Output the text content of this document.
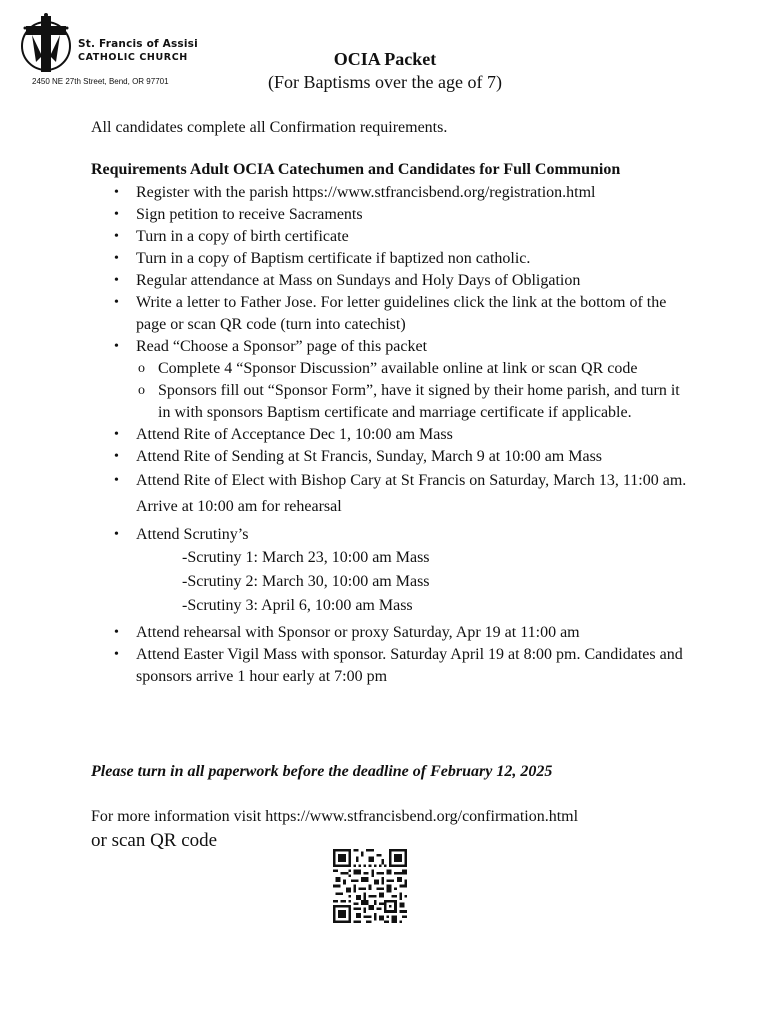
St. Francis of Assisi
CATHOLIC CHURCH
2450 NE 27th Street, Bend, OR 97701
OCIA Packet
(For Baptisms over the age of 7)
All candidates complete all Confirmation requirements.
Requirements Adult OCIA Catechumen and Candidates for Full Communion
• Register with the parish https://www.stfrancisbend.org/registration.html
• Sign petition to receive Sacraments
• Turn in a copy of birth certificate
• Turn in a copy of Baptism certificate if baptized non catholic.
• Regular attendance at Mass on Sundays and Holy Days of Obligation
• Write a letter to Father Jose. For letter guidelines click the link at the bottom of the page or scan QR code (turn into catechist)
• Read “Choose a Sponsor” page of this packet
o Complete 4 “Sponsor Discussion” available online at link or scan QR code
o Sponsors fill out “Sponsor Form”, have it signed by their home parish, and turn it in with sponsors Baptism certificate and marriage certificate if applicable.
• Attend Rite of Acceptance Dec 1, 10:00 am Mass
• Attend Rite of Sending at St Francis, Sunday, March 9 at 10:00 am Mass
• Attend Rite of Elect with Bishop Cary at St Francis on Saturday, March 13, 11:00 am. Arrive at 10:00 am for rehearsal
• Attend Scrutiny’s
-Scrutiny 1: March 23, 10:00 am Mass
-Scrutiny 2: March 30, 10:00 am Mass
-Scrutiny 3: April 6, 10:00 am Mass
• Attend rehearsal with Sponsor or proxy Saturday, Apr 19 at 11:00 am
• Attend Easter Vigil Mass with sponsor. Saturday April 19 at 8:00 pm. Candidates and sponsors arrive 1 hour early at 7:00 pm
Please turn in all paperwork before the deadline of February 12, 2025
For more information visit https://www.stfrancisbend.org/confirmation.html
or scan QR code
